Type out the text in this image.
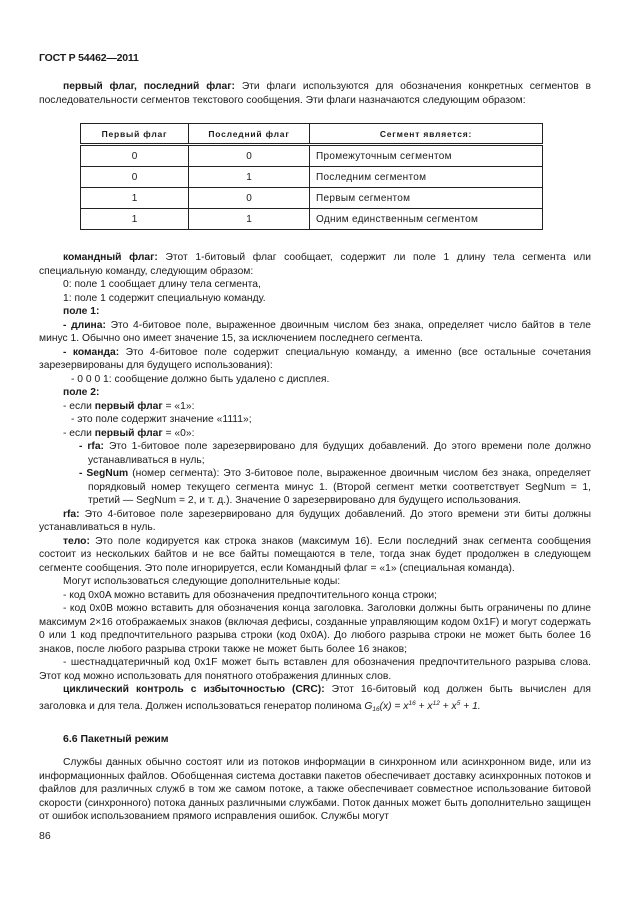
ГОСТ Р 54462—2011

первый флаг, последний флаг: Эти флаги используются для обозначения конкретных сегментов в последовательности сегментов текстового сообщения. Эти флаги назначаются следующим образом:

Первый флаг	Последний флаг	Сегмент является:
0	0	Промежуточным сегментом
0	1	Последним сегментом
1	0	Первым сегментом
1	1	Одним единственным сегментом

командный флаг: Этот 1-битовый флаг сообщает, содержит ли поле 1 длину тела сегмента или специальную команду, следующим образом:

0: поле 1 сообщает длину тела сегмента,

1: поле 1 содержит специальную команду.

поле 1:

- длина: Это 4-битовое поле, выраженное двоичным числом без знака, определяет число байтов в теле минус 1. Обычно оно имеет значение 15, за исключением последнего сегмента.

- команда: Это 4-битовое поле содержит специальную команду, а именно (все остальные сочетания зарезервированы для будущего использования):

- 0 0 0 1: сообщение должно быть удалено с дисплея.

поле 2:

- если первый флаг = «1»:

- это поле содержит значение «1111»;

- если первый флаг = «0»:

- rfa: Это 1-битовое поле зарезервировано для будущих добавлений. До этого времени поле должно устанавливаться в нуль;

- SegNum (номер сегмента): Это 3-битовое поле, выраженное двоичным числом без знака, определяет порядковый номер текущего сегмента минус 1. (Второй сегмент метки соответствует SegNum = 1, третий — SegNum = 2, и т. д.). Значение 0 зарезервировано для будущего использования.

rfa: Это 4-битовое поле зарезервировано для будущих добавлений. До этого времени эти биты должны устанавливаться в нуль.

тело: Это поле кодируется как строка знаков (максимум 16). Если последний знак сегмента сообщения состоит из нескольких байтов и не все байты помещаются в теле, тогда знак будет продолжен в следующем сегменте сообщения. Это поле игнорируется, если Командный флаг = «1» (специальная команда).

Могут использоваться следующие дополнительные коды:

- код 0x0A можно вставить для обозначения предпочтительного конца строки;

- код 0x0B можно вставить для обозначения конца заголовка. Заголовки должны быть ограничены по длине максимум 2×16 отображаемых знаков (включая дефисы, созданные управляющим кодом 0x1F) и могут содержать 0 или 1 код предпочтительного разрыва строки (код 0x0A). До любого разрыва строки не может быть более 16 знаков, после любого разрыва строки также не может быть более 16 знаков;

- шестнадцатеричный код 0x1F может быть вставлен для обозначения предпочтительного разрыва слова. Этот код можно использовать для понятного отображения длинных слов.

циклический контроль с избыточностью (CRC): Этот 16-битовый код должен быть вычислен для заголовка и для тела. Должен использоваться генератор полинома $G_{16}(x) = x^{16} + x^{12} + x^5 + 1$.

6.6 Пакетный режим

Службы данных обычно состоят или из потоков информации в синхронном или асинхронном виде, или из информационных файлов. Обобщенная система доставки пакетов обеспечивает доставку асинхронных потоков и файлов для различных служб в том же самом потоке, а также обеспечивает совместное использование битовой скорости (синхронного) потока данных различными службами. Поток данных может быть дополнительно защищен от ошибок использованием прямого исправления ошибок. Службы могут

86
